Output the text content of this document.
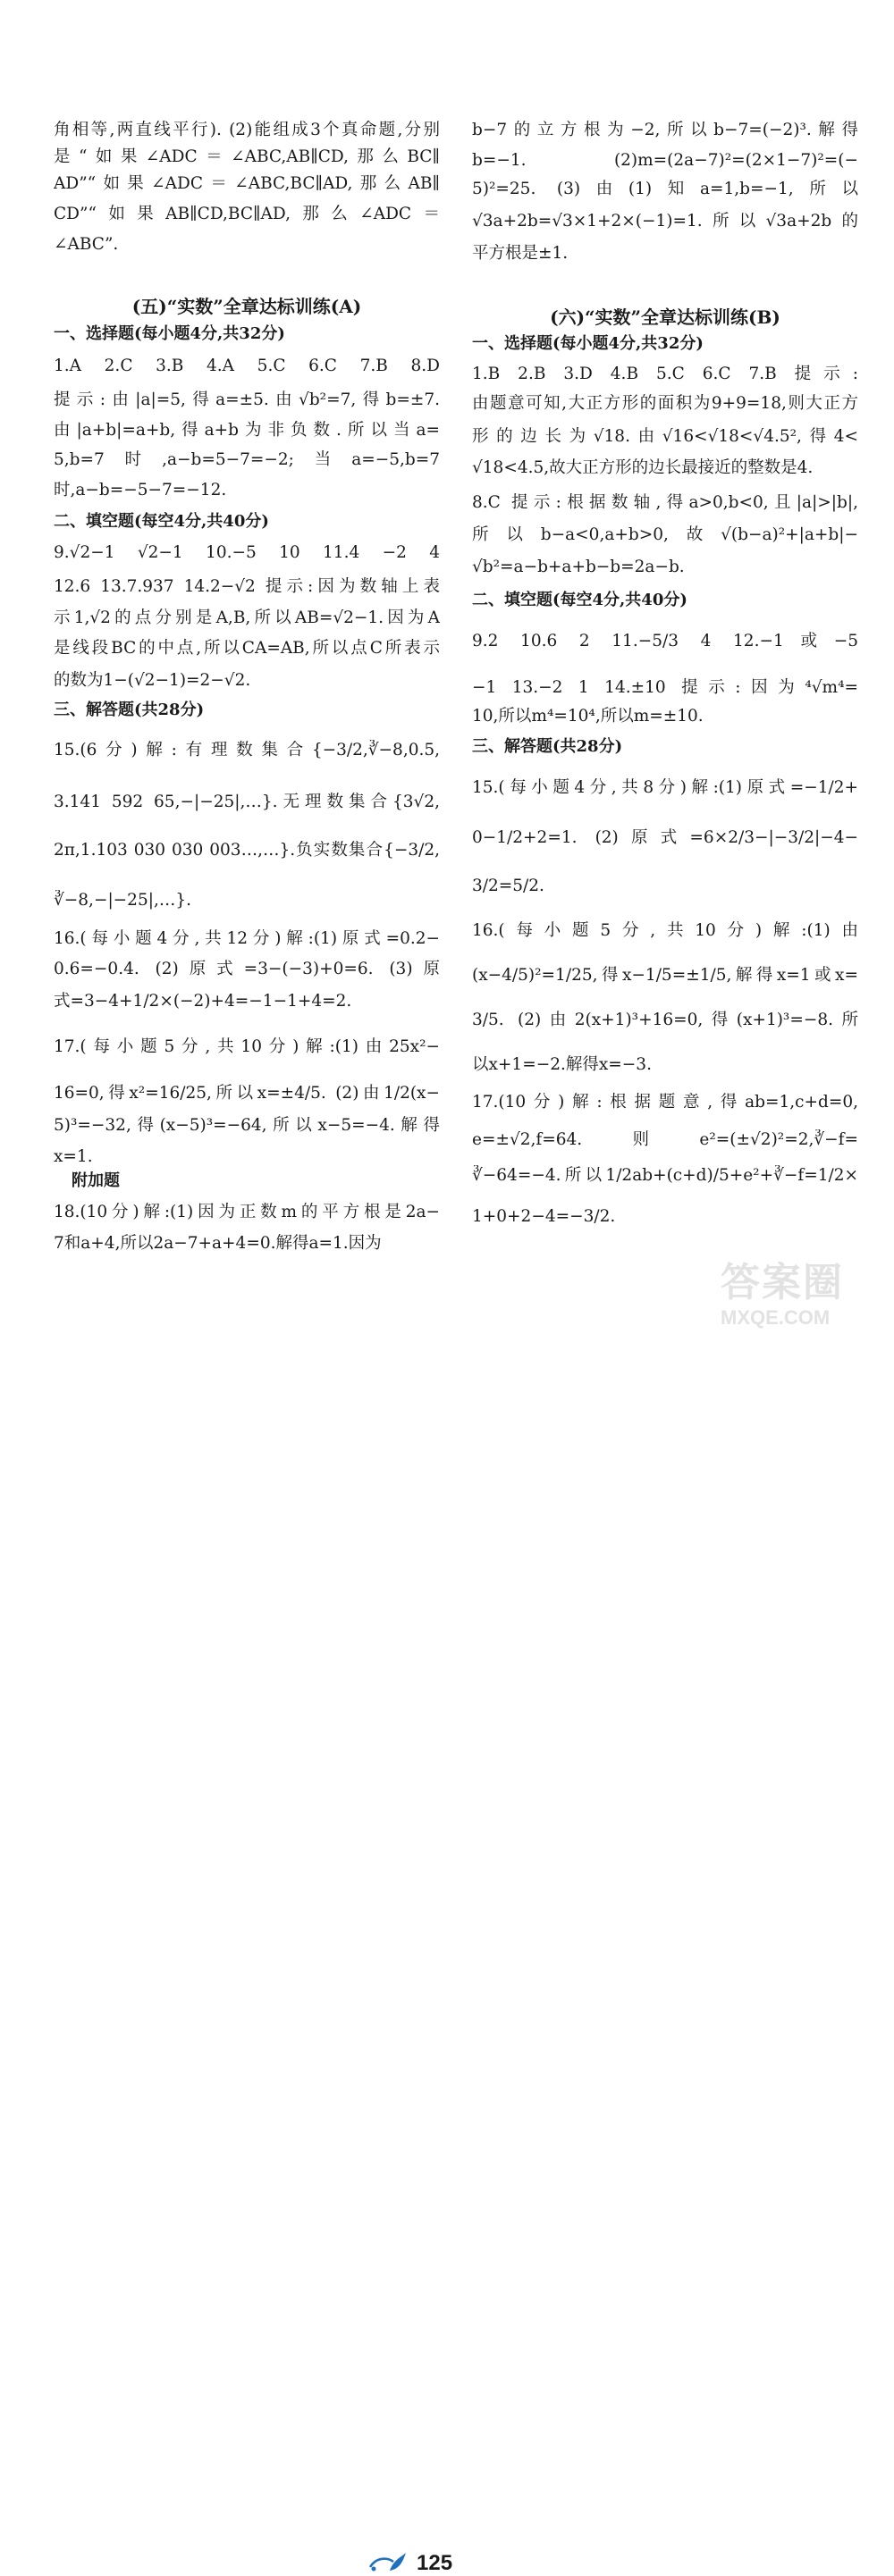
角相等,两直线平行). (2)能组成3个真命题,分别
是“如果∠ADC＝∠ABC,AB∥CD,那么BC∥
AD”“如果∠ADC＝∠ABC,BC∥AD,那么AB∥
CD”“如果AB∥CD,BC∥AD,那么∠ADC＝
∠ABC”.
(五)“实数”全章达标训练(A)
一、选择题(每小题4分,共32分)
1.A 2.C 3.B 4.A 5.C 6.C 7.B 8.D
提示:由|a|=5,得a=±5.由√b²=7,得b=±7.
由|a+b|=a+b,得a+b为非负数.所以当a=
5,b=7时,a−b=5−7=−2;当a=−5,b=7
时,a−b=−5−7=−12.
二、填空题(每空4分,共40分)
9.√2−1 √2−1 10.−5 10 11.4 −2 4
12.6 13.7.937 14.2−√2 提示:因为数轴上表
示1,√2的点分别是A,B,所以AB=√2−1.因为A
是线段BC的中点,所以CA=AB,所以点C所表示
的数为1−(√2−1)=2−√2.
三、解答题(共28分)
15.(6分)解:有理数集合{−3/2,∛−8,0.5,
3.141 592 65,−|−25|,…}.无理数集合{3√2,
2π,1.103 030 030 003…,…}.负实数集合{−3/2,
∛−8,−|−25|,…}.
16.(每小题4分,共12分)解:(1)原式=0.2−
0.6=−0.4. (2)原式=3−(−3)+0=6. (3)原
式=3−4+1/2×(−2)+4=−1−1+4=2.
17.(每小题5分,共10分)解:(1)由25x²−
16=0,得x²=16/25,所以x=±4/5. (2)由1/2(x−
5)³=−32,得(x−5)³=−64,所以x−5=−4.解得
x=1.
附加题
18.(10分)解:(1)因为正数m的平方根是2a−
7和a+4,所以2a−7+a+4=0.解得a=1.因为
b−7的立方根为−2,所以b−7=(−2)³.解得
b=−1. (2)m=(2a−7)²=(2×1−7)²=(−
5)²=25. (3)由(1)知a=1,b=−1,所以
√3a+2b=√3×1+2×(−1)=1.所以√3a+2b的
平方根是±1.
(六)“实数”全章达标训练(B)
一、选择题(每小题4分,共32分)
1.B 2.B 3.D 4.B 5.C 6.C 7.B 提示:
由题意可知,大正方形的面积为9+9=18,则大正方
形的边长为√18.由√16<√18<√4.5²,得4<
√18<4.5,故大正方形的边长最接近的整数是4.
8.C 提示:根据数轴,得a>0,b<0,且|a|>|b|,
所以b−a<0,a+b>0,故√(b−a)²+|a+b|−
√b²=a−b+a+b−b=2a−b.
二、填空题(每空4分,共40分)
9.2 10.6 2 11.−5/3 4 12.−1或−5
−1 13.−2 1 14.±10 提示:因为⁴√m⁴=
10,所以m⁴=10⁴,所以m=±10.
三、解答题(共28分)
15.(每小题4分,共8分)解:(1)原式=−1/2+
0−1/2+2=1. (2)原式=6×2/3−|−3/2|−4−
3/2=5/2.
16.(每小题5分,共10分)解:(1)由
(x−4/5)²=1/25,得x−1/5=±1/5,解得x=1或x=
3/5. (2)由2(x+1)³+16=0,得(x+1)³=−8.所
以x+1=−2.解得x=−3.
17.(10分)解:根据题意,得ab=1,c+d=0,
e=±√2,f=64.则e²=(±√2)²=2,∛−f=
∛−64=−4.所以1/2ab+(c+d)/5+e²+∛−f=1/2×
1+0+2−4=−3/2.
125
答案圈
MXQE.COM
